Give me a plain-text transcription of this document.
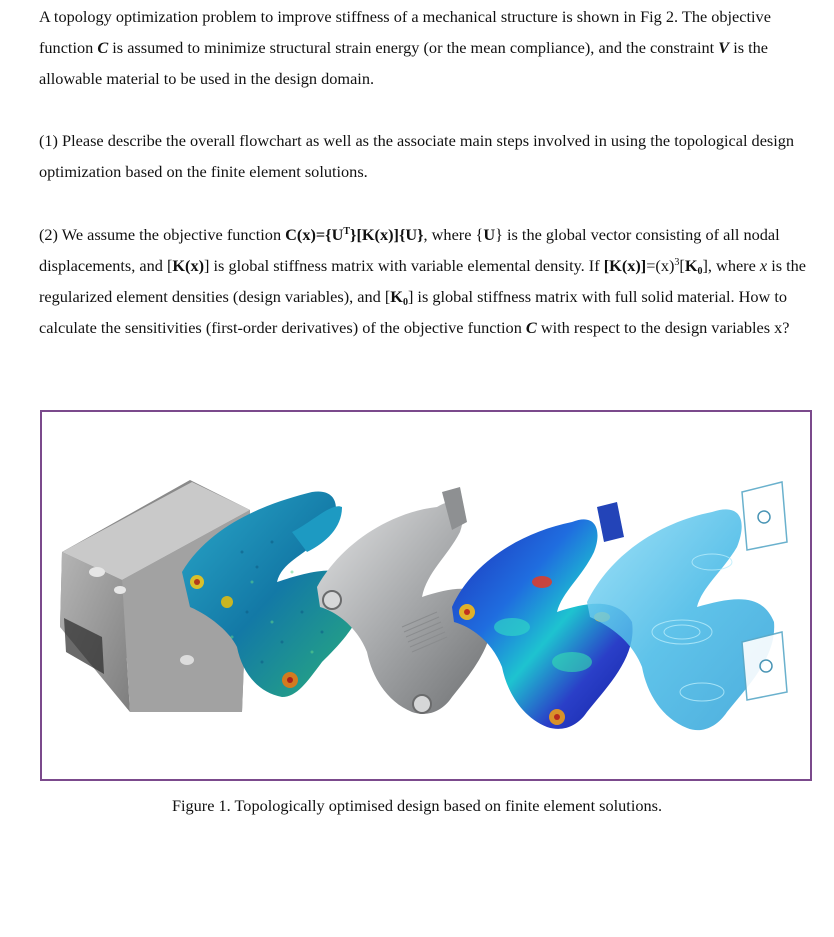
A topology optimization problem to improve stiffness of a mechanical structure is shown in Fig 2. The objective function C is assumed to minimize structural strain energy (or the mean compliance), and the constraint V is the allowable material to be used in the design domain.

(1) Please describe the overall flowchart as well as the associate main steps involved in using the topological design optimization based on the finite element solutions.

(2) We assume the objective function $C(x)=\{U^T\}[K(x)]\{U\}$, where {U} is the global vector consisting of all nodal displacements, and [K(x)] is global stiffness matrix with variable elemental density. If $[K(x)]=(x)^3[K_0]$, where x is the regularized element densities (design variables), and $[K_0]$ is global stiffness matrix with full solid material. How to calculate the sensitivities (first-order derivatives) of the objective function C with respect to the design variables x?

Figure 1. Topologically optimised design based on finite element solutions.
